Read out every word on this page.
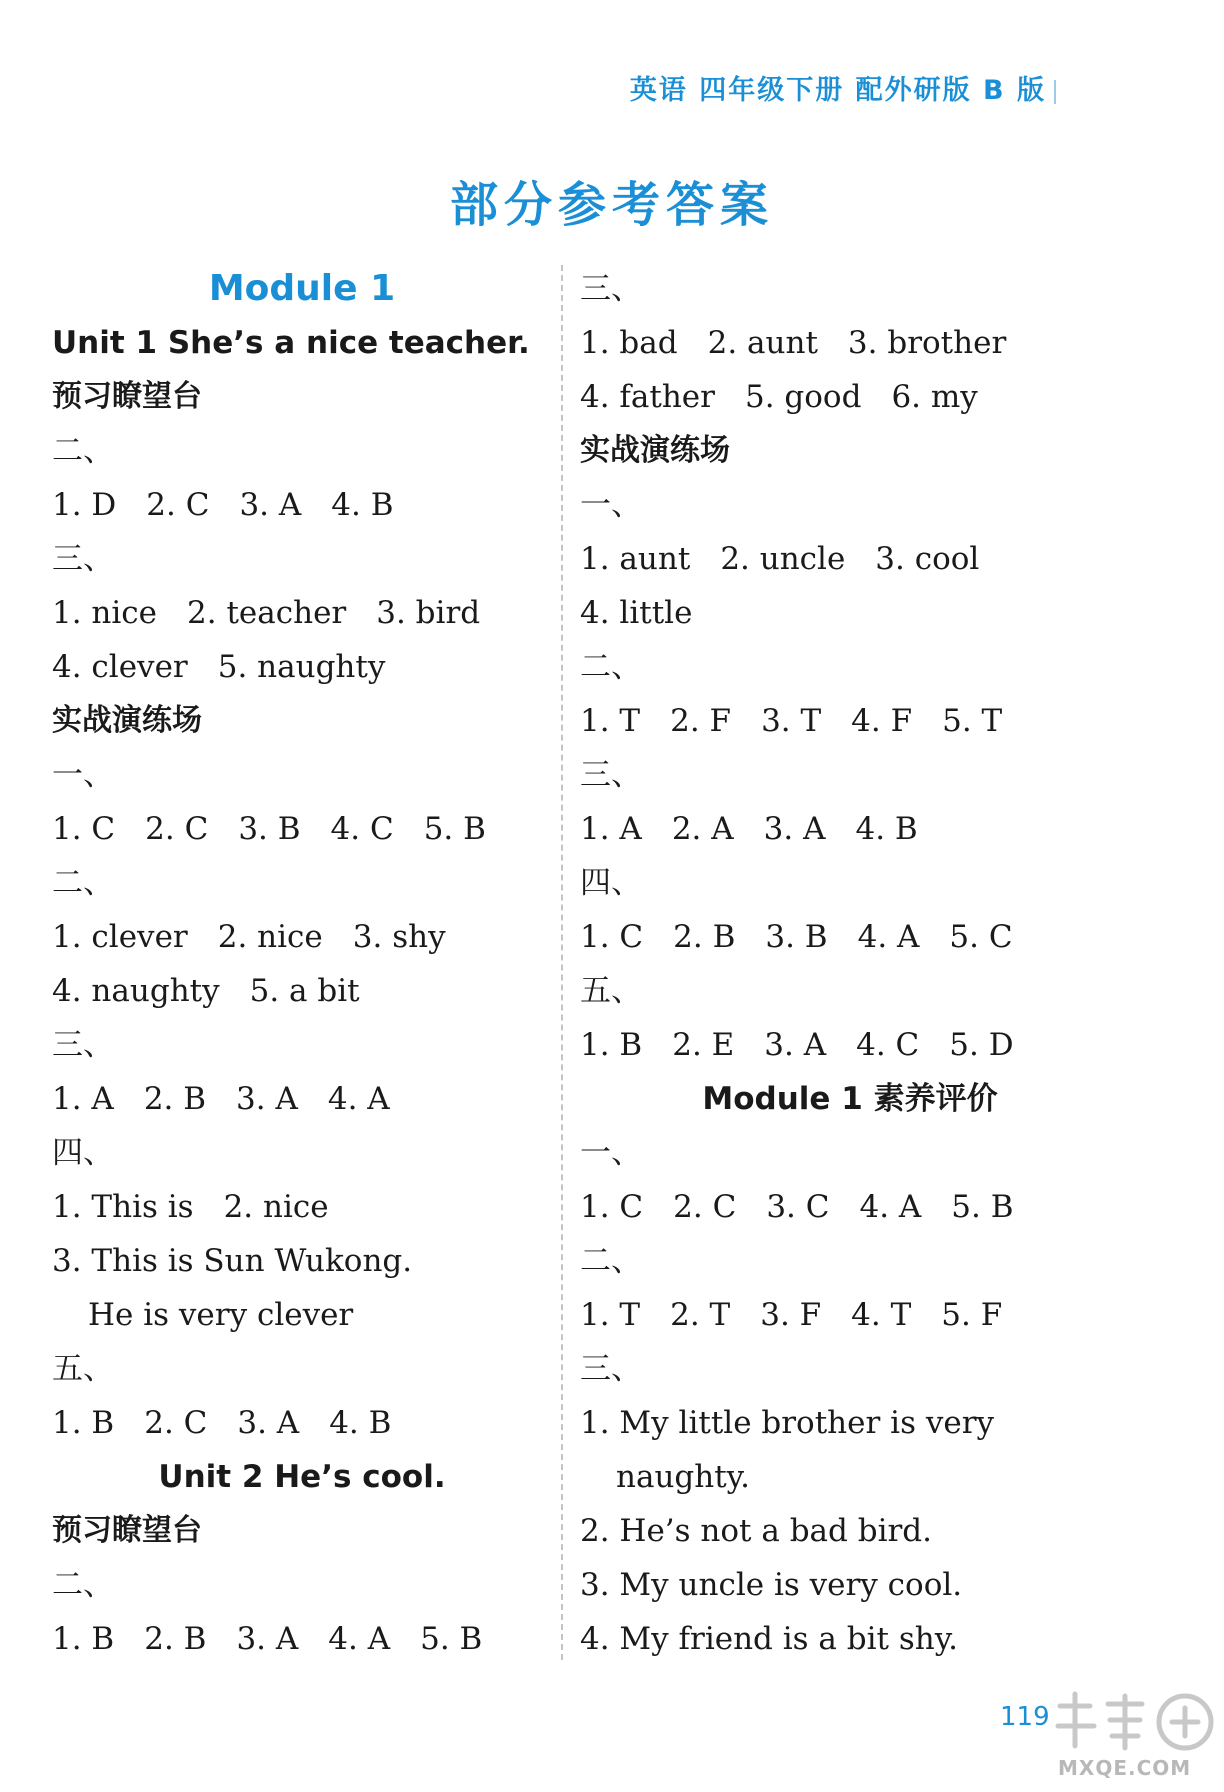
英语 四年级下册 配外研版 B 版
部分参考答案
Module 1
Unit 1 She’s a nice teacher.
预习瞭望台
二、
1. D 2. C 3. A 4. B
三、
1. nice 2. teacher 3. bird
4. clever 5. naughty
实战演练场
一、
1. C 2. C 3. B 4. C 5. B
二、
1. clever 2. nice 3. shy
4. naughty 5. a bit
三、
1. A 2. B 3. A 4. A
四、
1. This is 2. nice
3. This is Sun Wukong.
He is very clever
五、
1. B 2. C 3. A 4. B
Unit 2 He’s cool.
预习瞭望台
二、
1. B 2. B 3. A 4. A 5. B
三、
1. bad 2. aunt 3. brother
4. father 5. good 6. my
实战演练场
一、
1. aunt 2. uncle 3. cool
4. little
二、
1. T 2. F 3. T 4. F 5. T
三、
1. A 2. A 3. A 4. B
四、
1. C 2. B 3. B 4. A 5. C
五、
1. B 2. E 3. A 4. C 5. D
Module 1 素养评价
一、
1. C 2. C 3. C 4. A 5. B
二、
1. T 2. T 3. F 4. T 5. F
三、
1. My little brother is very
naughty.
2. He’s not a bad bird.
3. My uncle is very cool.
4. My friend is a bit shy.
119
MXQE.COM
